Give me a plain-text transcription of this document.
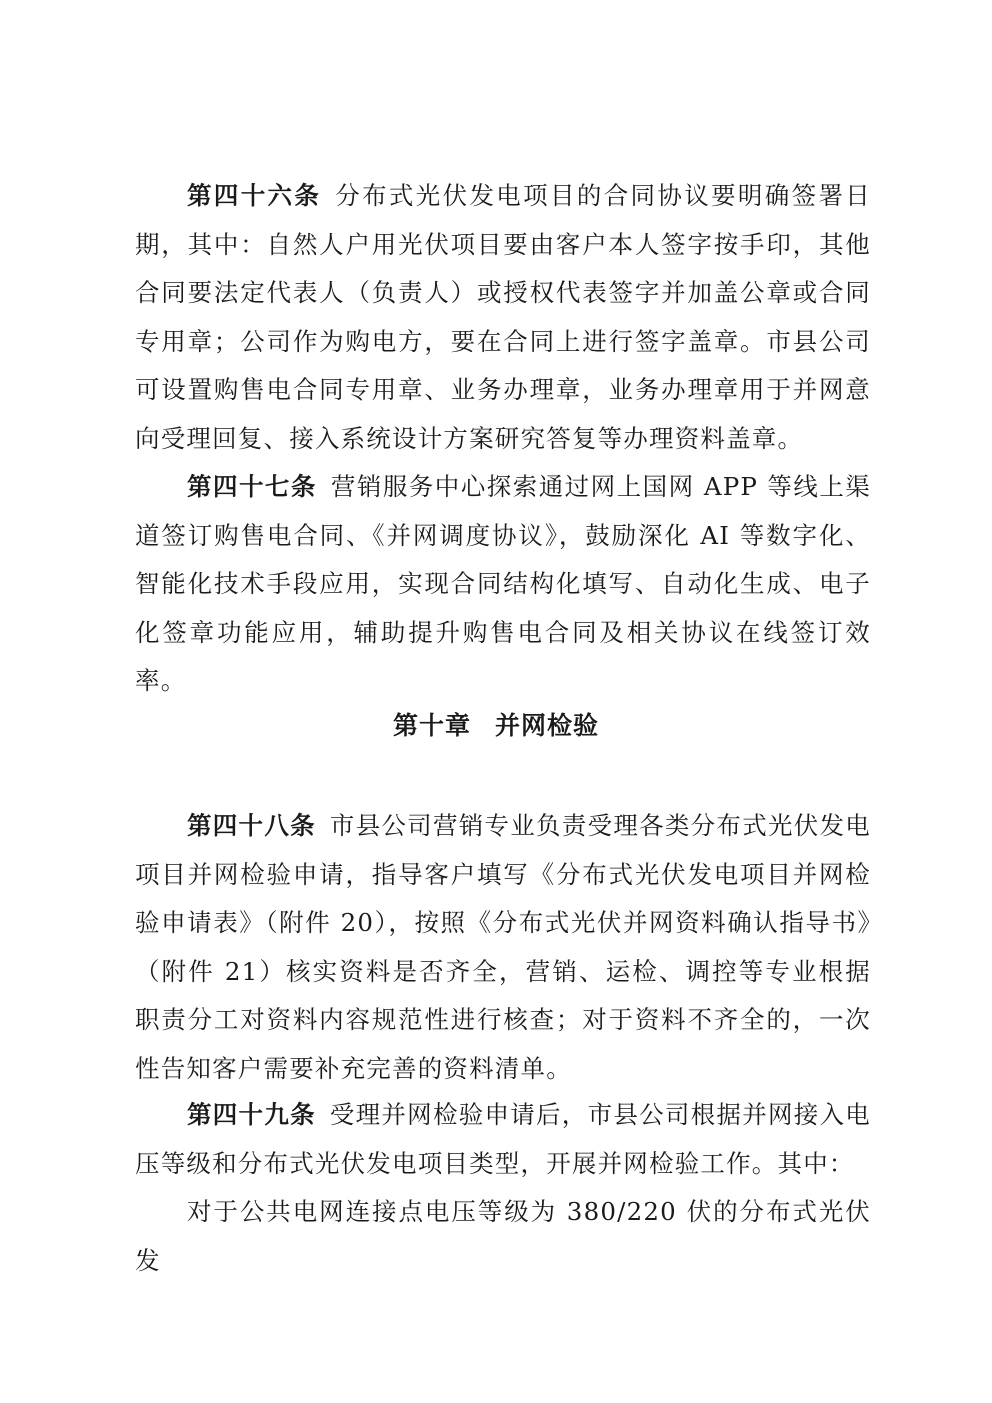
第四十六条 分布式光伏发电项目的合同协议要明确签署日期，其中：自然人户用光伏项目要由客户本人签字按手印，其他合同要法定代表人（负责人）或授权代表签字并加盖公章或合同专用章；公司作为购电方，要在合同上进行签字盖章。市县公司可设置购售电合同专用章、业务办理章，业务办理章用于并网意向受理回复、接入系统设计方案研究答复等办理资料盖章。

第四十七条 营销服务中心探索通过网上国网 APP 等线上渠道签订购售电合同、《并网调度协议》，鼓励深化 AI 等数字化、智能化技术手段应用，实现合同结构化填写、自动化生成、电子化签章功能应用，辅助提升购售电合同及相关协议在线签订效率。

第十章 并网检验

第四十八条 市县公司营销专业负责受理各类分布式光伏发电项目并网检验申请，指导客户填写《分布式光伏发电项目并网检验申请表》（附件 20），按照《分布式光伏并网资料确认指导书》（附件 21）核实资料是否齐全，营销、运检、调控等专业根据职责分工对资料内容规范性进行核查；对于资料不齐全的，一次性告知客户需要补充完善的资料清单。

第四十九条 受理并网检验申请后，市县公司根据并网接入电压等级和分布式光伏发电项目类型，开展并网检验工作。其中：

对于公共电网连接点电压等级为 380/220 伏的分布式光伏发
